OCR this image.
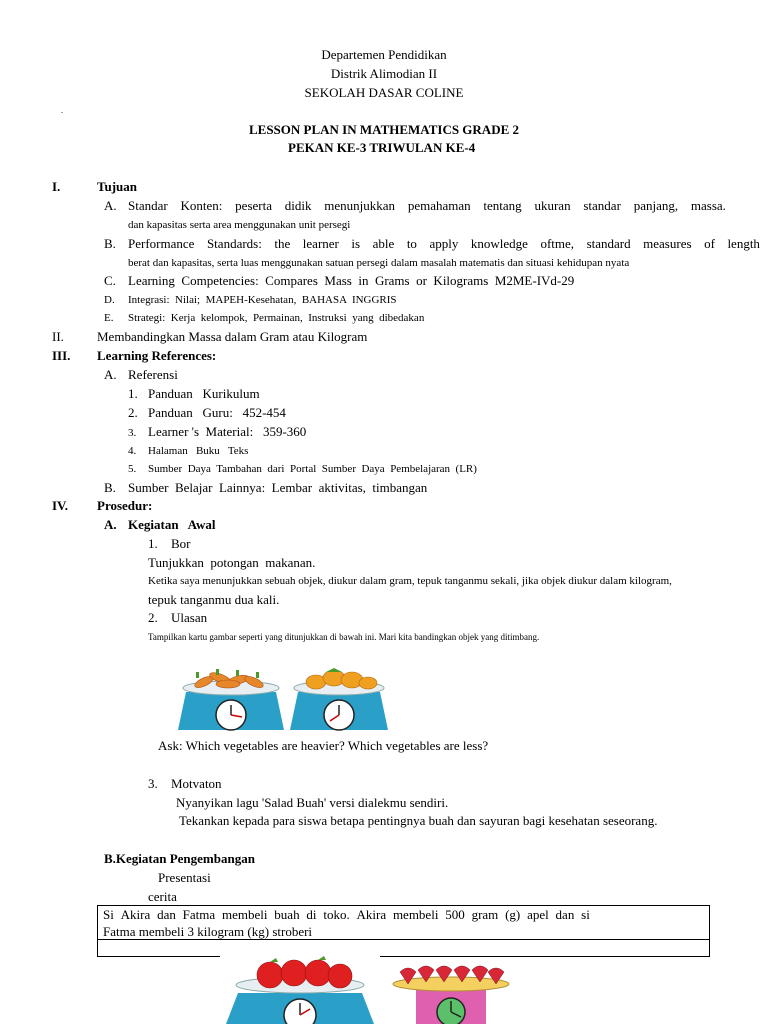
Departemen Pendidikan
Distrik Alimodian II
SEKOLAH DASAR COLINE
.
LESSON PLAN IN MATHEMATICS GRADE 2
PEKAN KE-3 TRIWULAN KE-4
I.	Tujuan
A. Standar Konten: peserta didik menunjukkan pemahaman tentang ukuran standar panjang, massa.
dan kapasitas serta area menggunakan unit persegi
B. Performance Standards: the learner is able to apply knowledge oftme, standard measures of length
berat dan kapasitas, serta luas menggunakan satuan persegi dalam masalah matematis dan situasi kehidupan nyata
C. Learning  Competencies:  Compares  Mass  in  Grams  or  Kilograms  M2ME-IVd-29
D. Integrasi:  Nilai;  MAPEH-Kesehatan,  BAHASA  INGGRIS
E. Strategi:  Kerja  kelompok,  Permainan,  Instruksi  yang  dibedakan
II.	Membandingkan Massa dalam Gram atau Kilogram
III. Learning References:
A. Referensi
1. Panduan   Kurikulum
2. Panduan   Guru:   452-454
3. Learner 's  Material:   359-360
4. Halaman   Buku   Teks
5. Sumber  Daya  Tambahan  dari  Portal  Sumber  Daya  Pembelajaran  (LR)
B. Sumber  Belajar  Lainnya:  Lembar  aktivitas,  timbangan
IV. Prosedur:
A. Kegiatan   Awal
1. Bor
Tunjukkan  potongan  makanan.
Ketika saya menunjukkan sebuah objek, diukur dalam gram, tepuk tanganmu sekali, jika objek diukur dalam kilogram,
tepuk tanganmu dua kali.
2. Ulasan
Tampilkan kartu gambar seperti yang ditunjukkan di bawah ini. Mari kita bandingkan objek yang ditimbang.
Ask: Which vegetables are heavier? Which vegetables are less?
3. Motvaton
Nyanyikan lagu 'Salad Buah' versi dialekmu sendiri.
Tekankan kepada para siswa betapa pentingnya buah dan sayuran bagi kesehatan seseorang.
B.Kegiatan Pengembangan
Presentasi
cerita
Si Akira dan Fatma membeli buah di toko. Akira membeli 500 gram (g) apel dan si
Fatma membeli 3 kilogram (kg) stroberi
